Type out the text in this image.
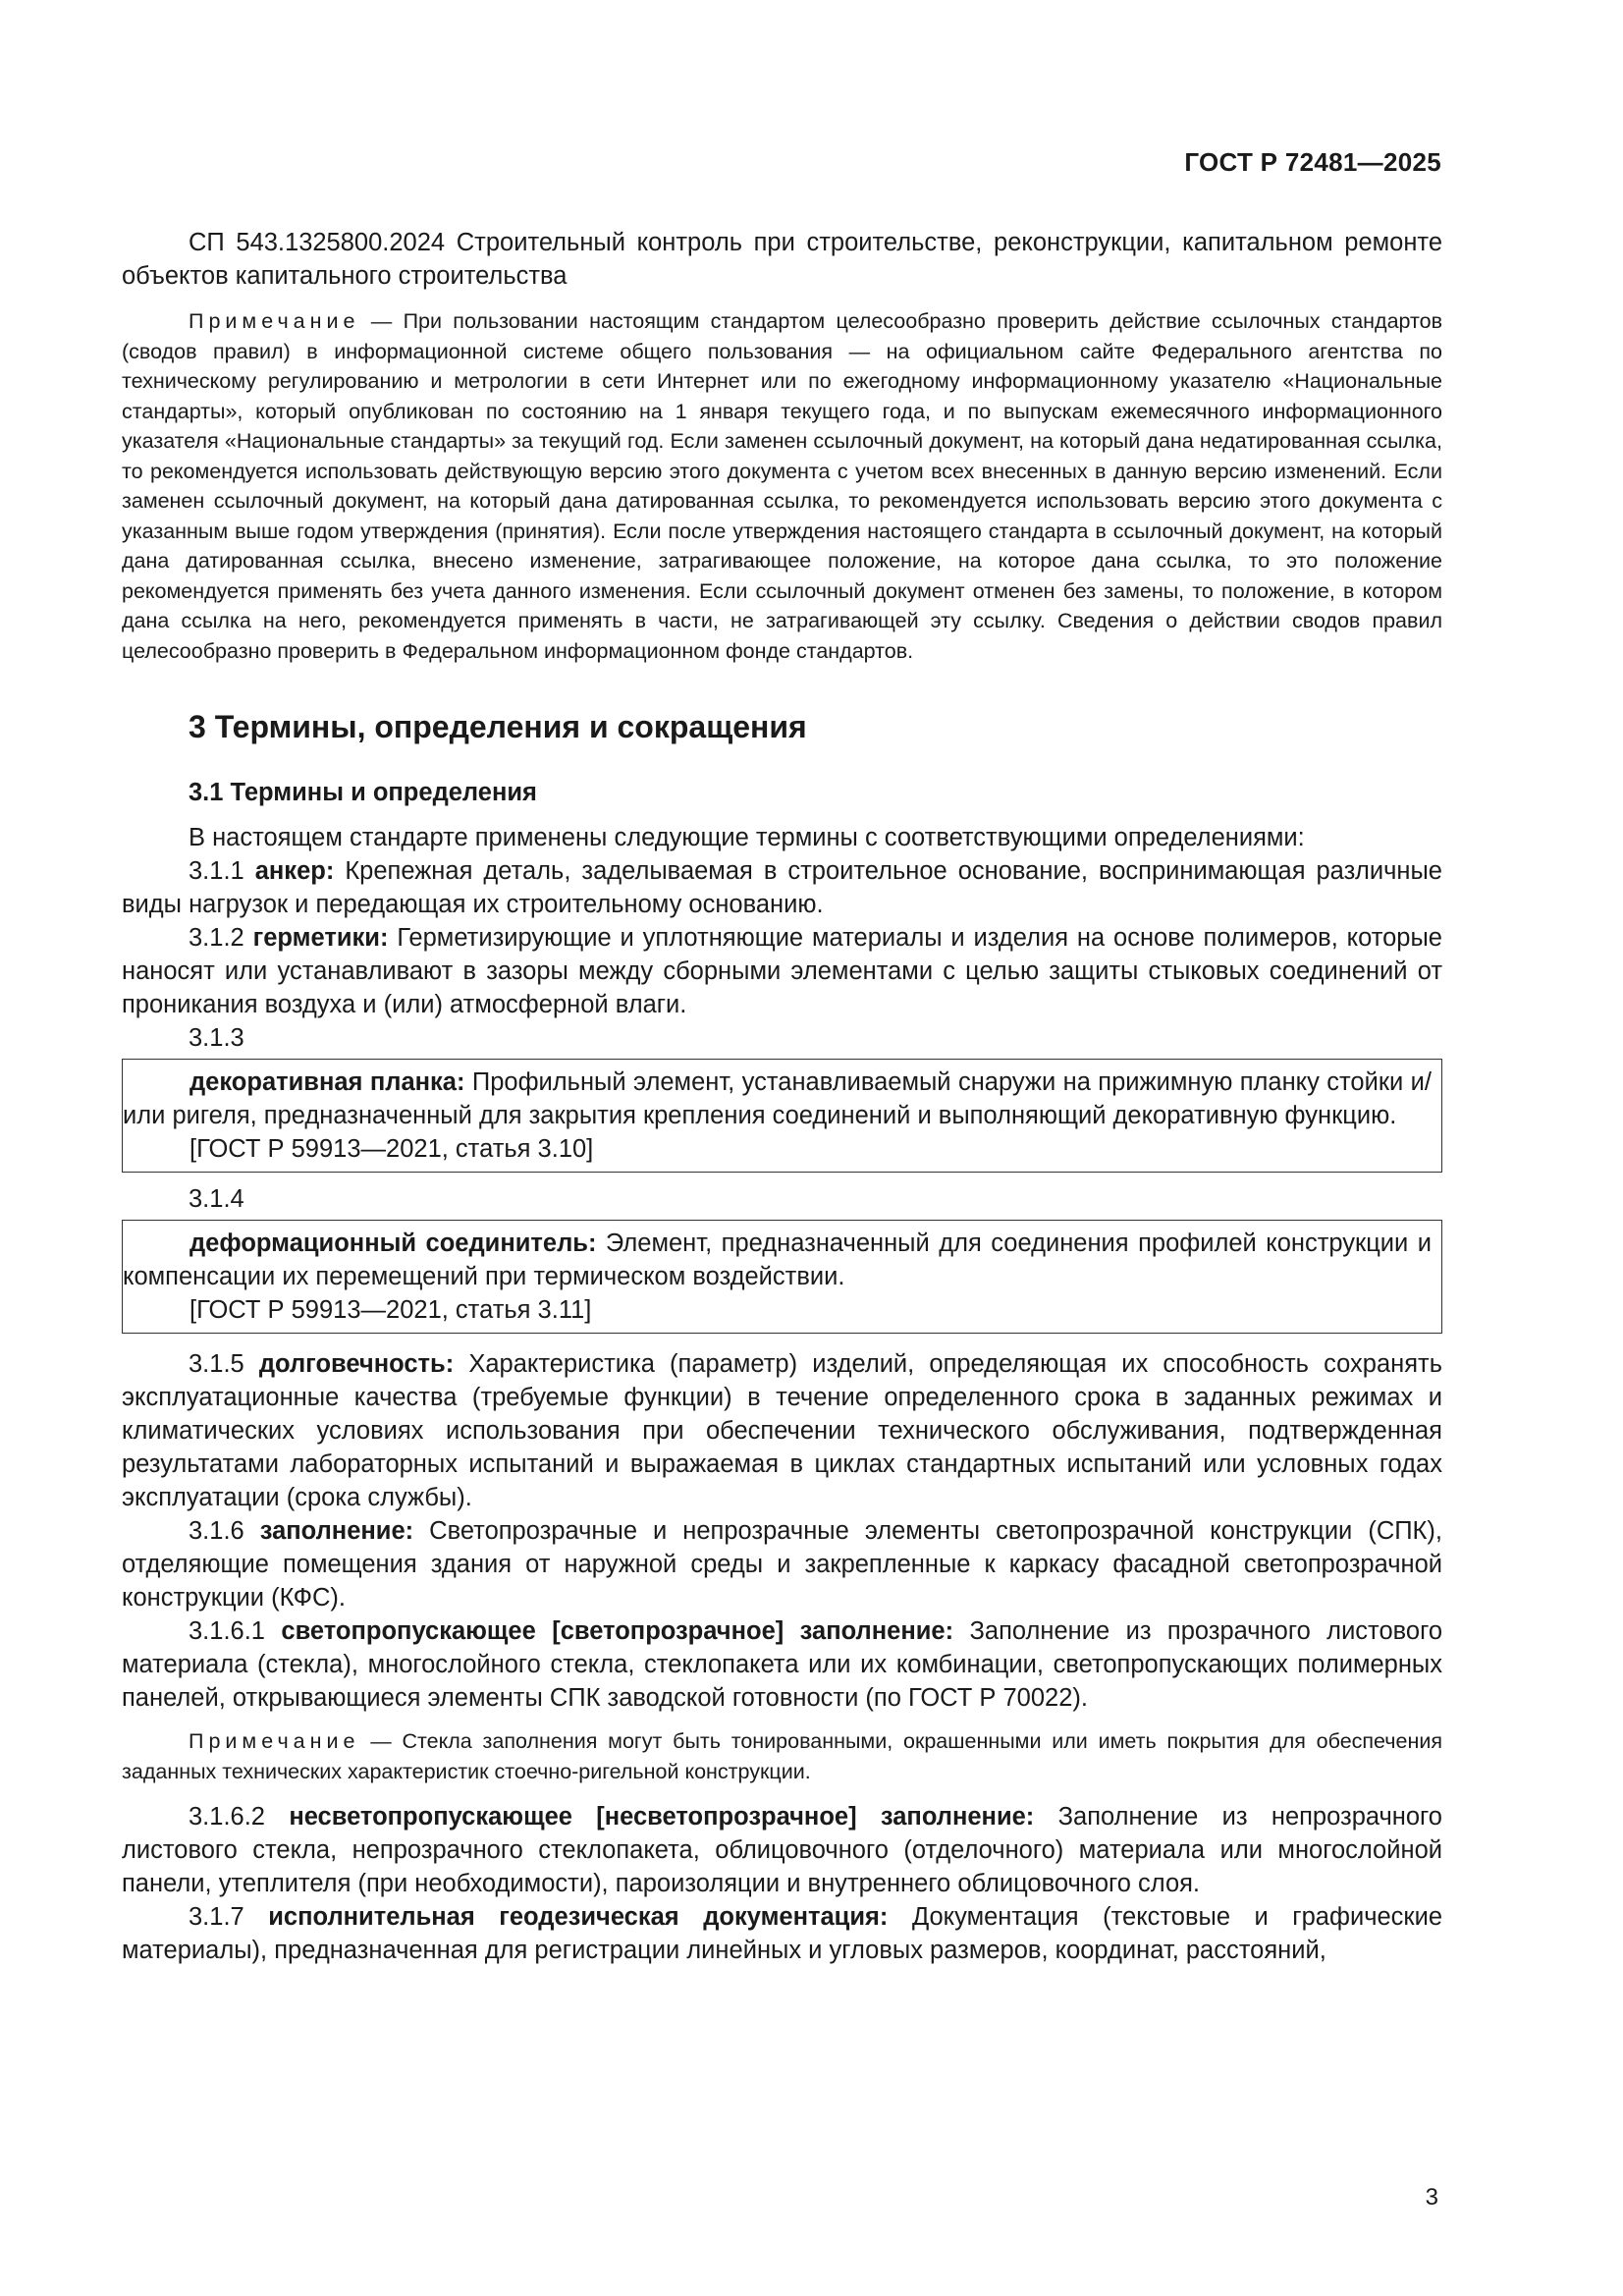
ГОСТ Р 72481—2025

СП 543.1325800.2024 Строительный контроль при строительстве, реконструкции, капитальном ремонте объектов капитального строительства

Примечание — При пользовании настоящим стандартом целесообразно проверить действие ссылочных стандартов (сводов правил) в информационной системе общего пользования — на официальном сайте Федерального агентства по техническому регулированию и метрологии в сети Интернет или по ежегодному информационному указателю «Национальные стандарты», который опубликован по состоянию на 1 января текущего года, и по выпускам ежемесячного информационного указателя «Национальные стандарты» за текущий год. Если заменен ссылочный документ, на который дана недатированная ссылка, то рекомендуется использовать действующую версию этого документа с учетом всех внесенных в данную версию изменений. Если заменен ссылочный документ, на который дана датированная ссылка, то рекомендуется использовать версию этого документа с указанным выше годом утверждения (принятия). Если после утверждения настоящего стандарта в ссылочный документ, на который дана датированная ссылка, внесено изменение, затрагивающее положение, на которое дана ссылка, то это положение рекомендуется применять без учета данного изменения. Если ссылочный документ отменен без замены, то положение, в котором дана ссылка на него, рекомендуется применять в части, не затрагивающей эту ссылку. Сведения о действии сводов правил целесообразно проверить в Федеральном информационном фонде стандартов.

3 Термины, определения и сокращения
3.1 Термины и определения

В настоящем стандарте применены следующие термины с соответствующими определениями:

3.1.1 анкер: Крепежная деталь, заделываемая в строительное основание, воспринимающая различные виды нагрузок и передающая их строительному основанию.

3.1.2 герметики: Герметизирующие и уплотняющие материалы и изделия на основе полимеров, которые наносят или устанавливают в зазоры между сборными элементами с целью защиты стыковых соединений от проникания воздуха и (или) атмосферной влаги.

3.1.3

декоративная планка: Профильный элемент, устанавливаемый снаружи на прижимную планку стойки и/или ригеля, предназначенный для закрытия крепления соединений и выполняющий декоративную функцию.

[ГОСТ Р 59913—2021, статья 3.10]

3.1.4

деформационный соединитель: Элемент, предназначенный для соединения профилей конструкции и компенсации их перемещений при термическом воздействии.

[ГОСТ Р 59913—2021, статья 3.11]

3.1.5 долговечность: Характеристика (параметр) изделий, определяющая их способность сохранять эксплуатационные качества (требуемые функции) в течение определенного срока в заданных режимах и климатических условиях использования при обеспечении технического обслуживания, подтвержденная результатами лабораторных испытаний и выражаемая в циклах стандартных испытаний или условных годах эксплуатации (срока службы).

3.1.6 заполнение: Светопрозрачные и непрозрачные элементы светопрозрачной конструкции (СПК), отделяющие помещения здания от наружной среды и закрепленные к каркасу фасадной светопрозрачной конструкции (КФС).

3.1.6.1 светопропускающее [светопрозрачное] заполнение: Заполнение из прозрачного листового материала (стекла), многослойного стекла, стеклопакета или их комбинации, светопропускающих полимерных панелей, открывающиеся элементы СПК заводской готовности (по ГОСТ Р 70022).

Примечание — Стекла заполнения могут быть тонированными, окрашенными или иметь покрытия для обеспечения заданных технических характеристик стоечно-ригельной конструкции.

3.1.6.2 несветопропускающее [несветопрозрачное] заполнение: Заполнение из непрозрачного листового стекла, непрозрачного стеклопакета, облицовочного (отделочного) материала или многослойной панели, утеплителя (при необходимости), пароизоляции и внутреннего облицовочного слоя.

3.1.7 исполнительная геодезическая документация: Документация (текстовые и графические материалы), предназначенная для регистрации линейных и угловых размеров, координат, расстояний,

3
